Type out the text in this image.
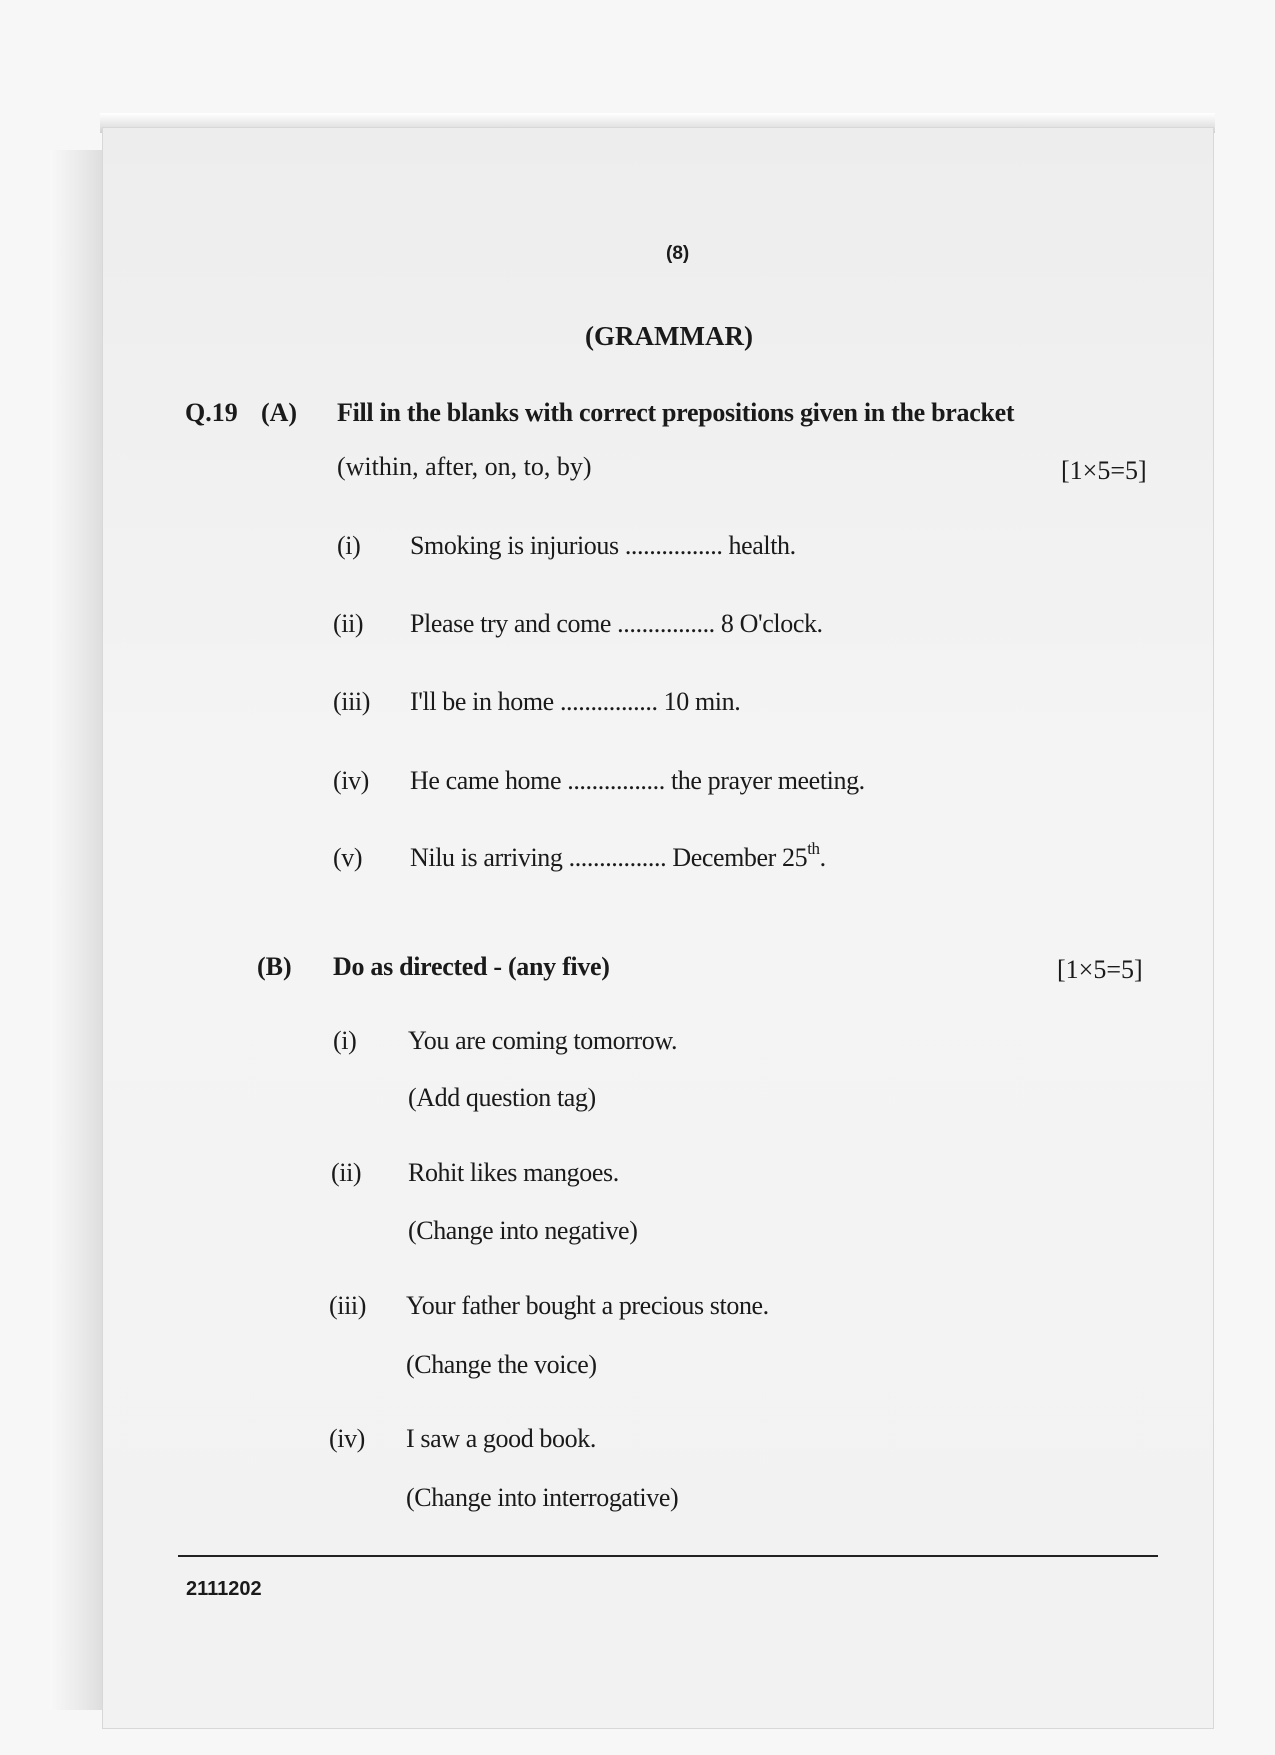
(8)
(GRAMMAR)
Q.19 (A) Fill in the blanks with correct prepositions given in the bracket
(within, after, on, to, by)	[1×5=5]
(i) Smoking is injurious ................ health.
(ii) Please try and come ................ 8 O'clock.
(iii) I'll be in home ................ 10 min.
(iv) He came home ................ the prayer meeting.
(v) Nilu is arriving ................ December 25th.
(B) Do as directed - (any five)	[1×5=5]
(i) You are coming tomorrow.
(Add question tag)
(ii) Rohit likes mangoes.
(Change into negative)
(iii) Your father bought a precious stone.
(Change the voice)
(iv) I saw a good book.
(Change into interrogative)
2111202
